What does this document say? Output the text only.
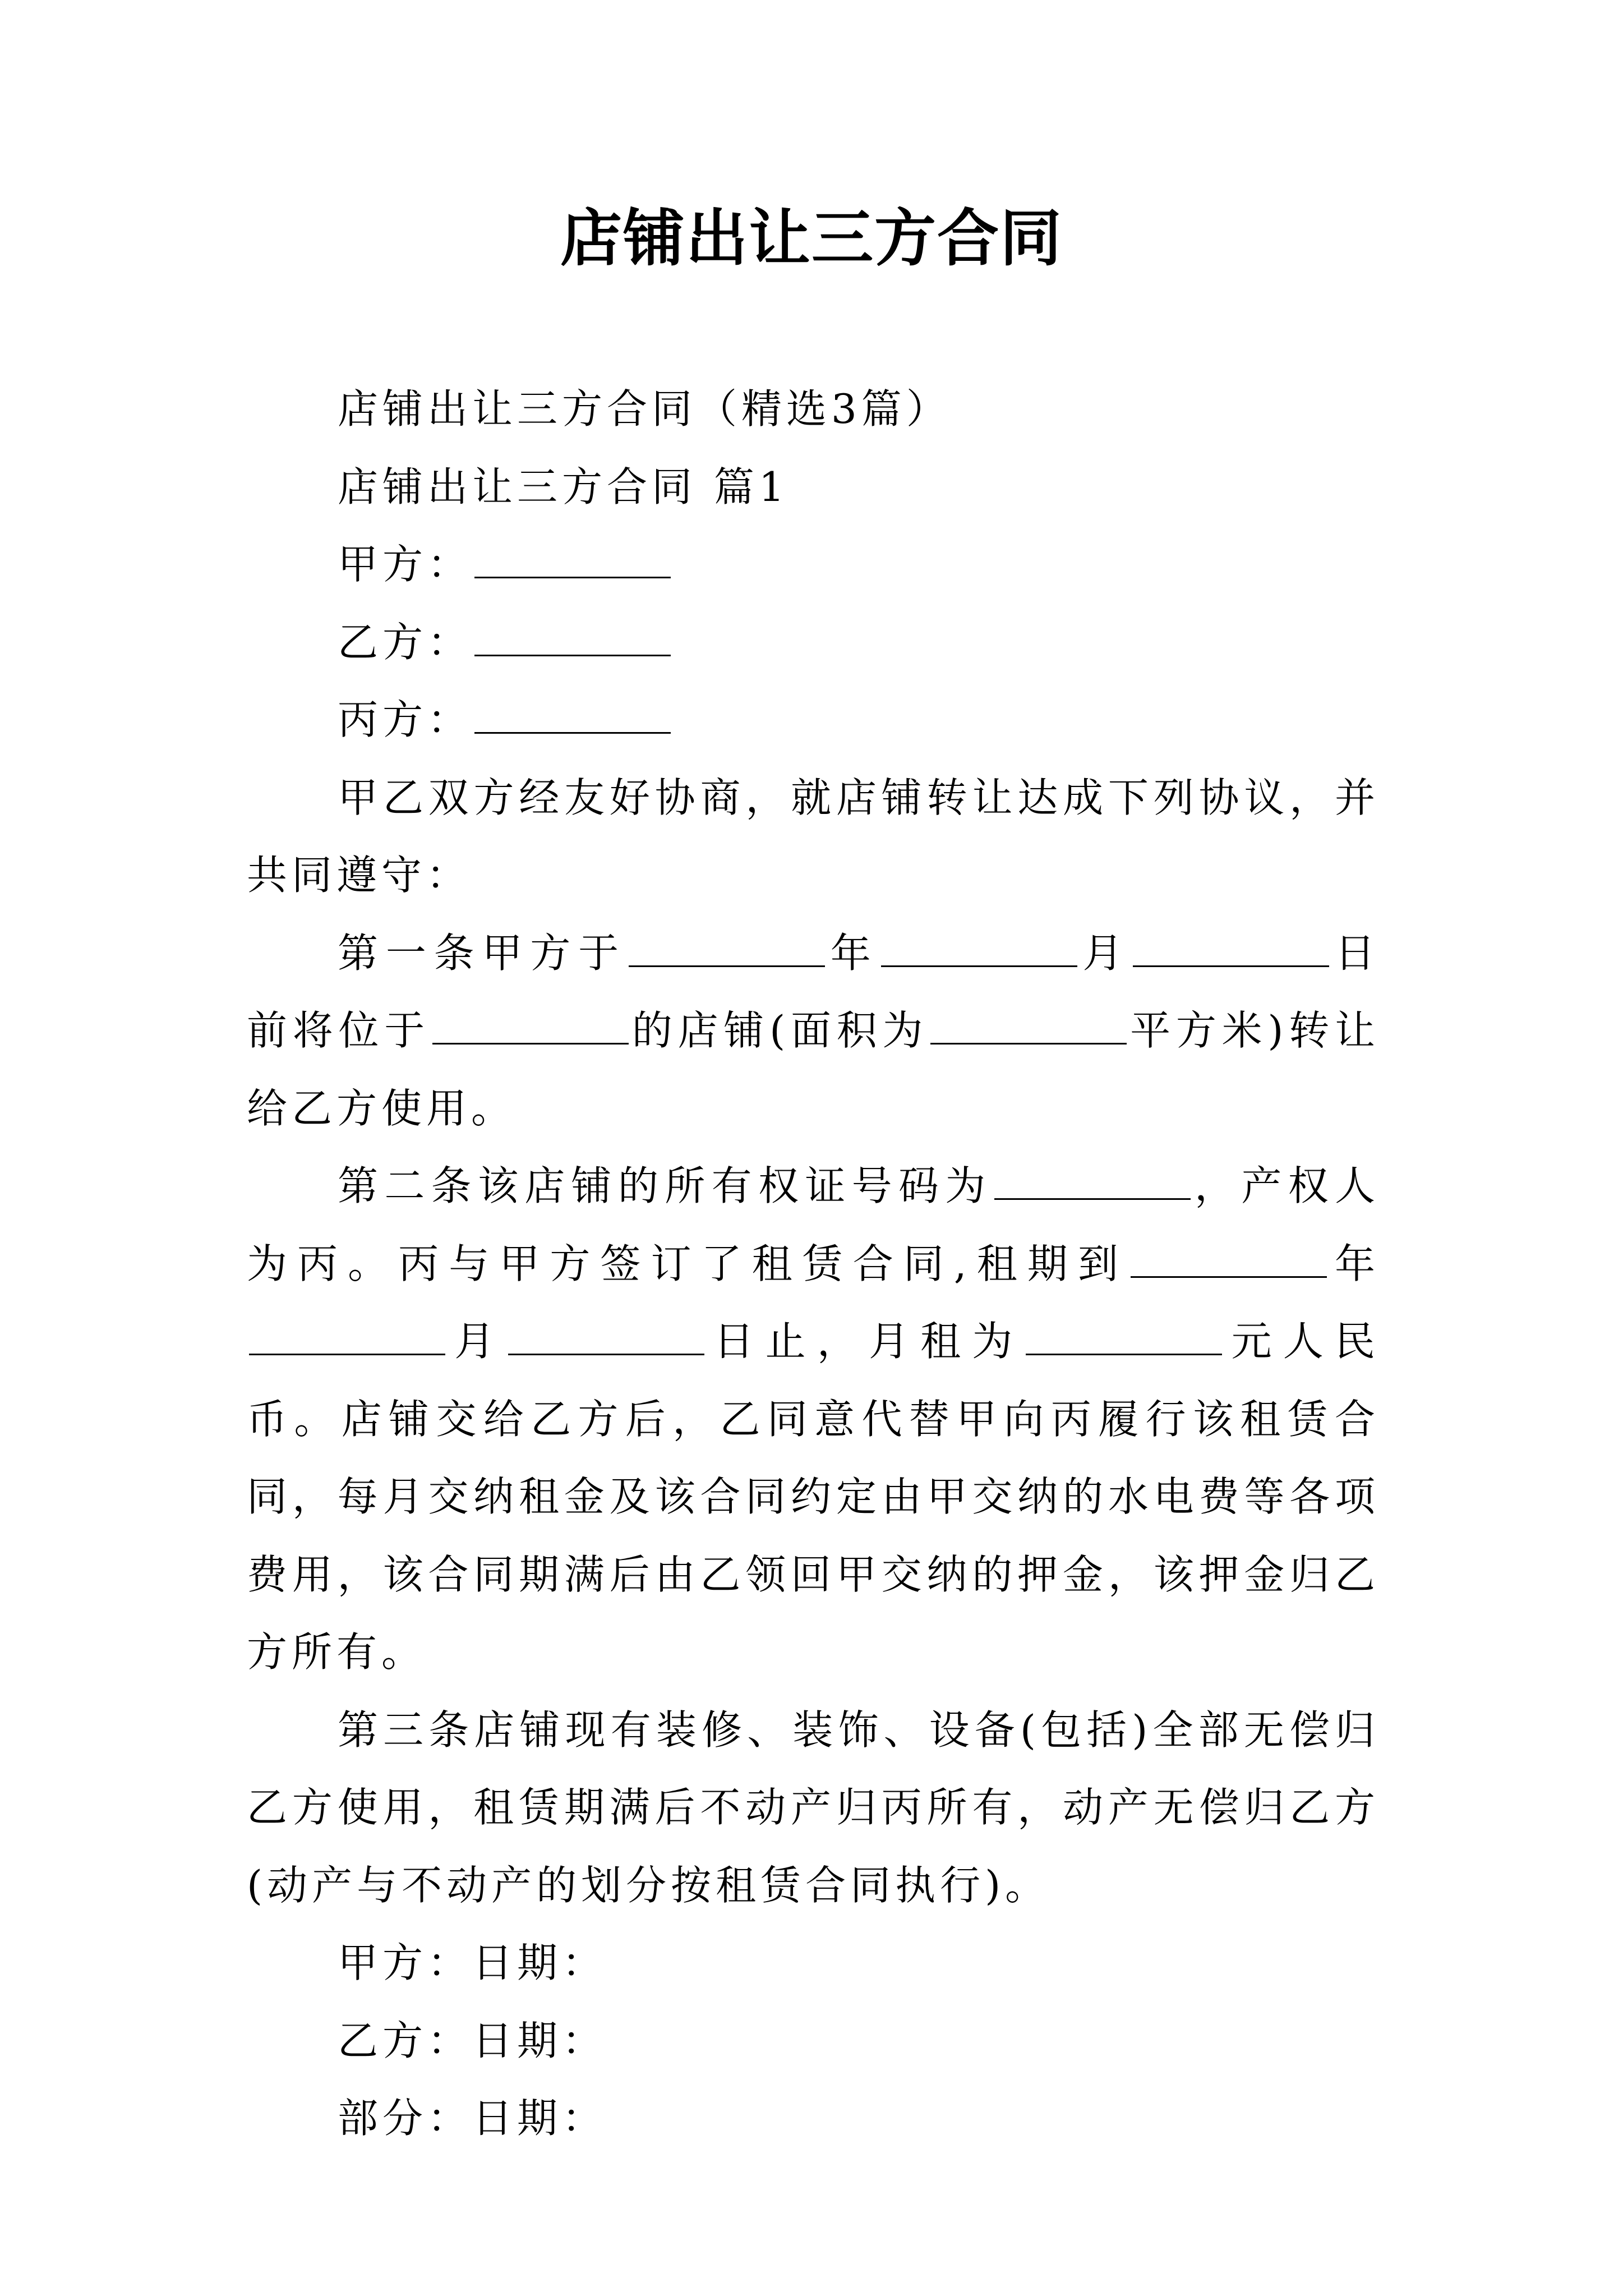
店铺出让三方合同

店铺出让三方合同（精选3篇）

店铺出让三方合同 篇1

甲方：

乙方：

丙方：

甲乙双方经友好协商，就店铺转让达成下列协议，并共同遵守：

第一条甲方于	年	月	日前将位于	的店铺(面积为	平方米)转让给乙方使用。

第二条该店铺的所有权证号码为	，产权人为丙。丙与甲方签订了租赁合同,租期到	年月	日止，月租为	元人民币。店铺交给乙方后，乙同意代替甲向丙履行该租赁合同，每月交纳租金及该合同约定由甲交纳的水电费等各项费用，该合同期满后由乙领回甲交纳的押金，该押金归乙方所有。

第三条店铺现有装修、装饰、设备(包括)全部无偿归乙方使用，租赁期满后不动产归丙所有，动产无偿归乙方(动产与不动产的划分按租赁合同执行)。

甲方：日期：

乙方：日期：

部分：日期：
